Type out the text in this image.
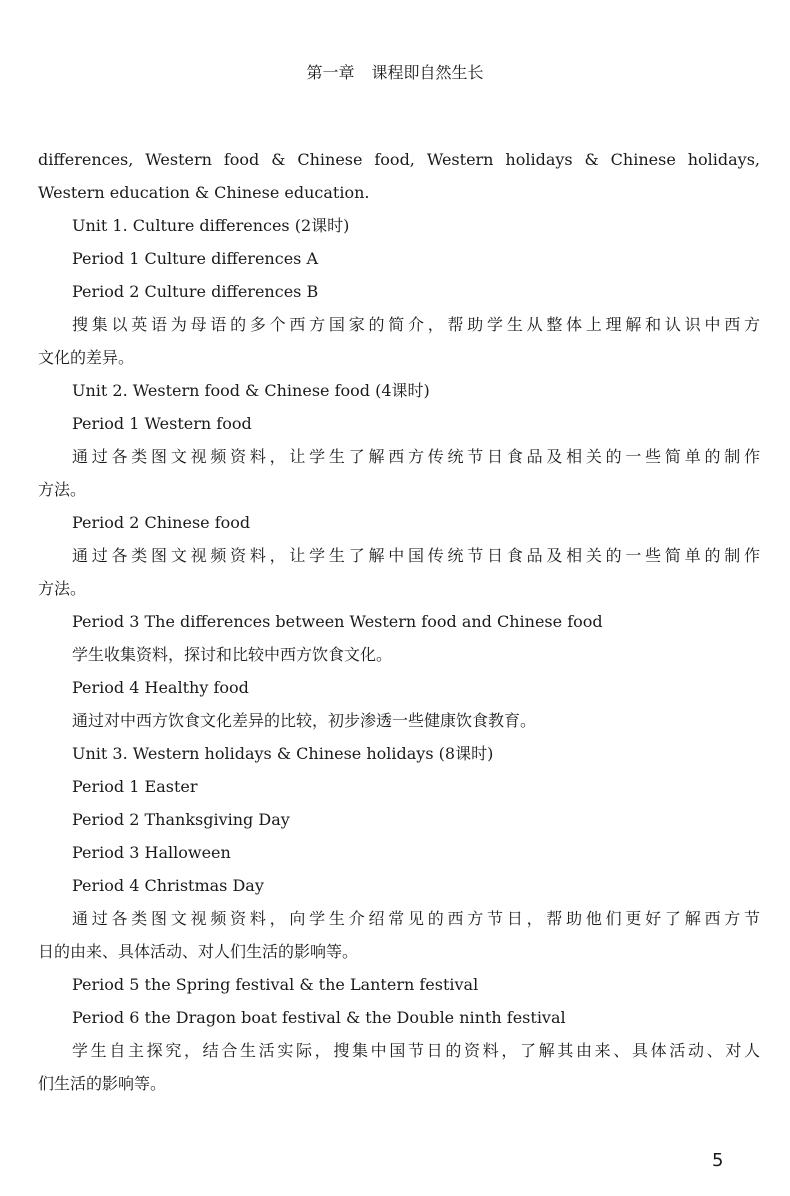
第一章 课程即自然生长
differences, Western food & Chinese food, Western holidays & Chinese holidays,
Western education & Chinese education.
Unit 1. Culture differences (2课时)
Period 1 Culture differences A
Period 2 Culture differences B
搜集以英语为母语的多个西方国家的简介，帮助学生从整体上理解和认识中西方
文化的差异。
Unit 2. Western food & Chinese food (4课时)
Period 1 Western food
通过各类图文视频资料，让学生了解西方传统节日食品及相关的一些简单的制作
方法。
Period 2 Chinese food
通过各类图文视频资料，让学生了解中国传统节日食品及相关的一些简单的制作
方法。
Period 3 The differences between Western food and Chinese food
学生收集资料，探讨和比较中西方饮食文化。
Period 4 Healthy food
通过对中西方饮食文化差异的比较，初步渗透一些健康饮食教育。
Unit 3. Western holidays & Chinese holidays (8课时)
Period 1 Easter
Period 2 Thanksgiving Day
Period 3 Halloween
Period 4 Christmas Day
通过各类图文视频资料，向学生介绍常见的西方节日，帮助他们更好了解西方节
日的由来、具体活动、对人们生活的影响等。
Period 5 the Spring festival & the Lantern festival
Period 6 the Dragon boat festival & the Double ninth festival
学生自主探究，结合生活实际，搜集中国节日的资料，了解其由来、具体活动、对人
们生活的影响等。
5
